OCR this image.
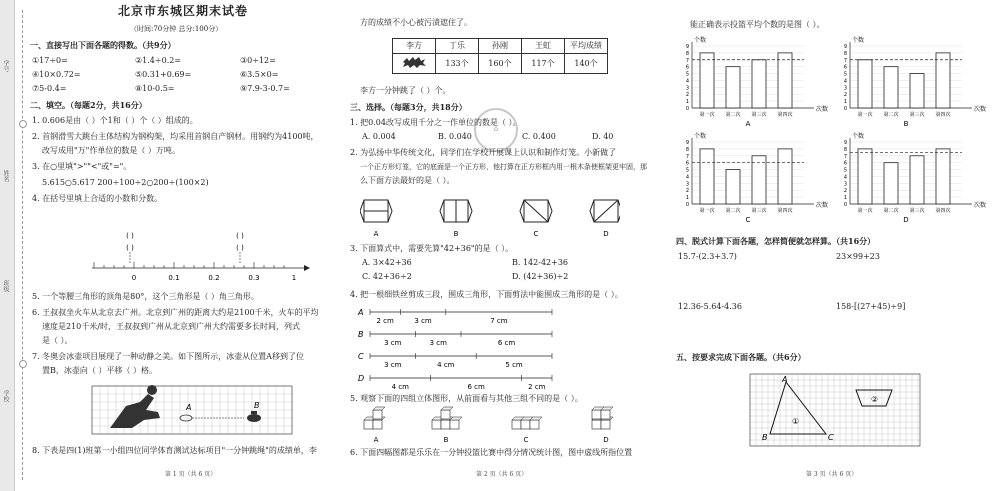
学号
姓名
班级
学校
北京市东城区期末试卷
（时间:70分钟 总分:100分）
一、直接写出下面各题的得数。（共9分）
①17÷0=	②1.4÷0.2=	③0÷12=
④10×0.72=	⑤0.31+0.69=	⑥3.5×0=
⑦5-0.4=	⑧10-0.5=	⑨7.9-3-0.7=
二、填空。（每题2分，共16分）
1. 0.606是由（ ）个1和（ ）个（ ）组成的。
2. 首钢滑雪大跳台主体结构为钢构架，均采用首钢自产钢材。用钢约为4100吨，
改写成用"万"作单位的数是（ ）万吨。
3. 在○里填">""<"或"="。
5.615○5.617 200÷100÷2○200÷(100×2)
4. 在括号里填上合适的小数和分数。
( )
( )
( )
( )
0	0.1	0.2	0.3	1
5. 一个等腰三角形的顶角是80°，这个三角形是（ ）角三角形。
6. 王叔叔坐火车从北京去广州。北京到广州的距离大约是2100千米，火车的平均
速度是210千米/时，王叔叔到广州从北京到广州大约需要多长时间，列式
是（ ）。
7. 冬奥会冰壶项目展现了一种动静之美。如下图所示，冰壶从位置A移到了位
置B，冰壶向（ ）平移（ ）格。
A	B
8. 下表是四(1)班第一小组四位同学体育测试达标项目"一分钟跳绳"的成绩单，李
第 1 页（共 6 页）
方的成绩不小心被污渍遮住了。
李方	丁乐	孙刚	王虹	平均成绩
	133个	160个	117个	140个
李方一分钟跳了（ ）个。
三、选择。（每题3分，共18分）
✿
1. 把0.04改写成用千分之一作单位的数是（ ）。
A. 0.004	B. 0.040	C. 0.400	D. 40
2. 为弘扬中华传统文化，同学们在学校开展课上认识和制作灯笼。小新做了
一个正方形灯笼，它的底面是一个正方形，他打算在正方形框内用一根木条使框架更牢固，那
么下面方法最好的是（ ）。
A	B	C	D
3. 下面算式中，需要先算"42+36"的是（ ）。
A. 3×42+36	B. 142-42+36
C. 42+36÷2	D. (42+36)÷2
4. 把一根细铁丝剪成三段，围成三角形，下面剪法中能围成三角形的是（ ）。
A
2 cm	3 cm	7 cm
B
3 cm	3 cm	6 cm
C
3 cm	4 cm	5 cm
D
4 cm	6 cm	2 cm
5. 观察下面的四组立体图形，从前面看与其他三组不同的是（ ）。
A	B	C	D
6. 下面四幅图都是乐乐在一分钟投篮比赛中得分情况统计图，图中虚线所指位置
第 2 页（共 6 页）
能正确表示投篮平均个数的是图（ ）。
个数
0
1
2
3
4
5
6
7
8
9
第一次 第二次 第三次 第四次
次数
A
个数
0
1
2
3
4
5
6
7
8
9
第一次 第二次 第三次 第四次
次数
B
个数
0
1
2
3
4
5
6
7
8
9
第一次 第二次 第三次 第四次
次数
C
个数
0
1
2
3
4
5
6
7
8
9
第一次 第二次 第三次 第四次
次数
D
四、脱式计算下面各题，怎样简便就怎样算。（共16分）
15.7-(2.3+3.7)	23×99+23
12.36-5.64-4.36	158-[(27+45)÷9]
五、按要求完成下面各题。（共6分）
A
B	C
①
②
第 3 页（共 6 页）
